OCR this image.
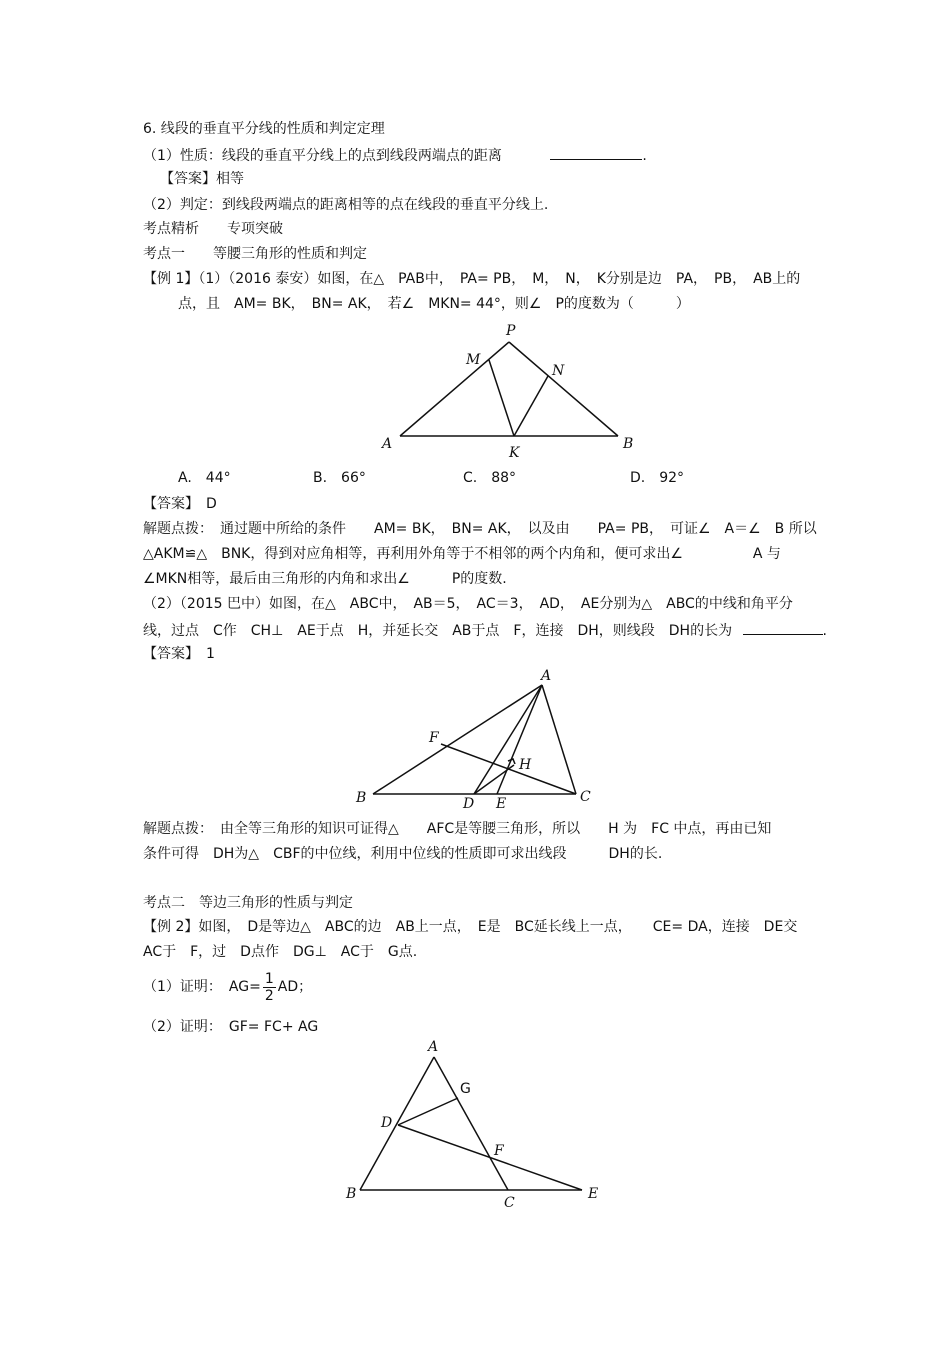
6. 线段的垂直平分线的性质和判定定理
（1）性质：线段的垂直平分线上的点到线段两端点的距离	.
【答案】相等
（2）判定：到线段两端点的距离相等的点在线段的垂直平分线上.
考点精析　　专项突破
考点一　　等腰三角形的性质和判定
【例 1】（1）（2016 泰安）如图，在△　PAB中，　PA= PB，　M，　N，　K分别是边　PA，　PB，　AB上的
点，且　AM= BK，　BN= AK，　若∠　MKN= 44°，则∠　P的度数为（　　　）
P
M
N
A
K
B
A.　44°	B.　66°	C.　88°	D.　92°
【答案】　D
解题点拨：　通过题中所给的条件　　AM= BK，　BN= AK，　以及由　　PA= PB，　可证∠　A＝∠　B 所以
△AKM≌△　BNK，得到对应角相等，再利用外角等于不相邻的两个内角和，便可求出∠　　　　　A 与
∠MKN相等，最后由三角形的内角和求出∠　　　P的度数.
（2）（2015 巴中）如图，在△　ABC中，　AB＝5，　AC＝3，　AD，　AE分别为△　ABC的中线和角平分
线，过点　C作　CH⊥　AE于点　H，并延长交　AB于点　F，连接　DH，则线段　DH的长为	.
【答案】　1
A
F
H
B	D E	C
解题点拨：　由全等三角形的知识可证得△　　AFC是等腰三角形，所以　　H 为　FC 中点，再由已知
条件可得　DH为△　CBF的中位线，利用中位线的性质即可求出线段　　　DH的长.
考点二　等边三角形的性质与判定
【例 2】如图，　D是等边△　ABC的边　AB上一点，　E是　BC延长线上一点，　　CE= DA，连接　DE交
AC于　F，过　D点作　DG⊥　AC于　G点.
（1）证明：　$AG= \frac{1}{2}$ AD；
（2）证明：　GF= FC+ AG
A
G
D
F
B
C
E
